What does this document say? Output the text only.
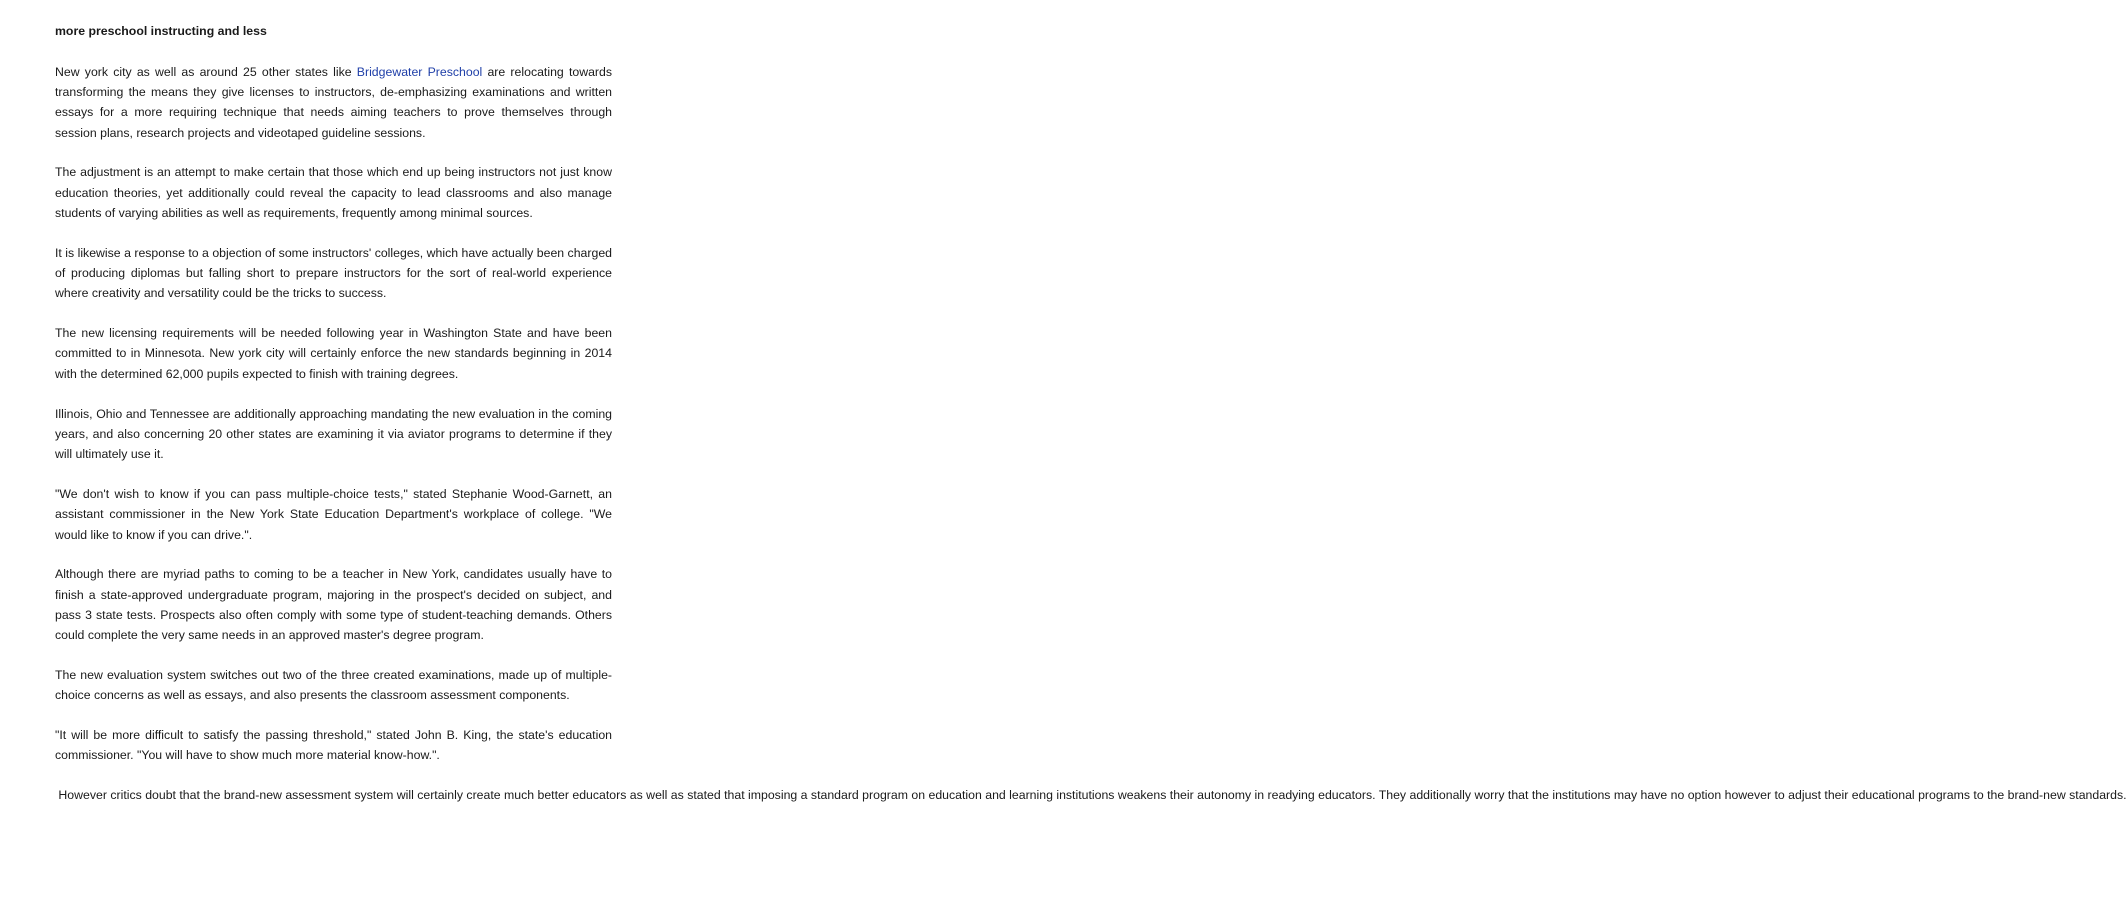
more preschool instructing and less

New york city as well as around 25 other states like Bridgewater Preschool are relocating towards transforming the means they give licenses to instructors, de-emphasizing examinations and written essays for a more requiring technique that needs aiming teachers to prove themselves through session plans, research projects and videotaped guideline sessions.

The adjustment is an attempt to make certain that those which end up being instructors not just know education theories, yet additionally could reveal the capacity to lead classrooms and also manage students of varying abilities as well as requirements, frequently among minimal sources.

It is likewise a response to a objection of some instructors' colleges, which have actually been charged of producing diplomas but falling short to prepare instructors for the sort of real-world experience where creativity and versatility could be the tricks to success.

The new licensing requirements will be needed following year in Washington State and have been committed to in Minnesota. New york city will certainly enforce the new standards beginning in 2014 with the determined 62,000 pupils expected to finish with training degrees.

Illinois, Ohio and Tennessee are additionally approaching mandating the new evaluation in the coming years, and also concerning 20 other states are examining it via aviator programs to determine if they will ultimately use it.

"We don't wish to know if you can pass multiple-choice tests," stated Stephanie Wood-Garnett, an assistant commissioner in the New York State Education Department's workplace of college. "We would like to know if you can drive.".

Although there are myriad paths to coming to be a teacher in New York, candidates usually have to finish a state-approved undergraduate program, majoring in the prospect's decided on subject, and pass 3 state tests. Prospects also often comply with some type of student-teaching demands. Others could complete the very same needs in an approved master's degree program.

The new evaluation system switches out two of the three created examinations, made up of multiple-choice concerns as well as essays, and also presents the classroom assessment components.

"It will be more difficult to satisfy the passing threshold," stated John B. King, the state's education commissioner. "You will have to show much more material know-how.".

However critics doubt that the brand-new assessment system will certainly create much better educators as well as stated that imposing a standard program on education and learning institutions weakens their autonomy in readying educators. They additionally worry that the institutions may have no option however to adjust their educational programs to the brand-new standards.
